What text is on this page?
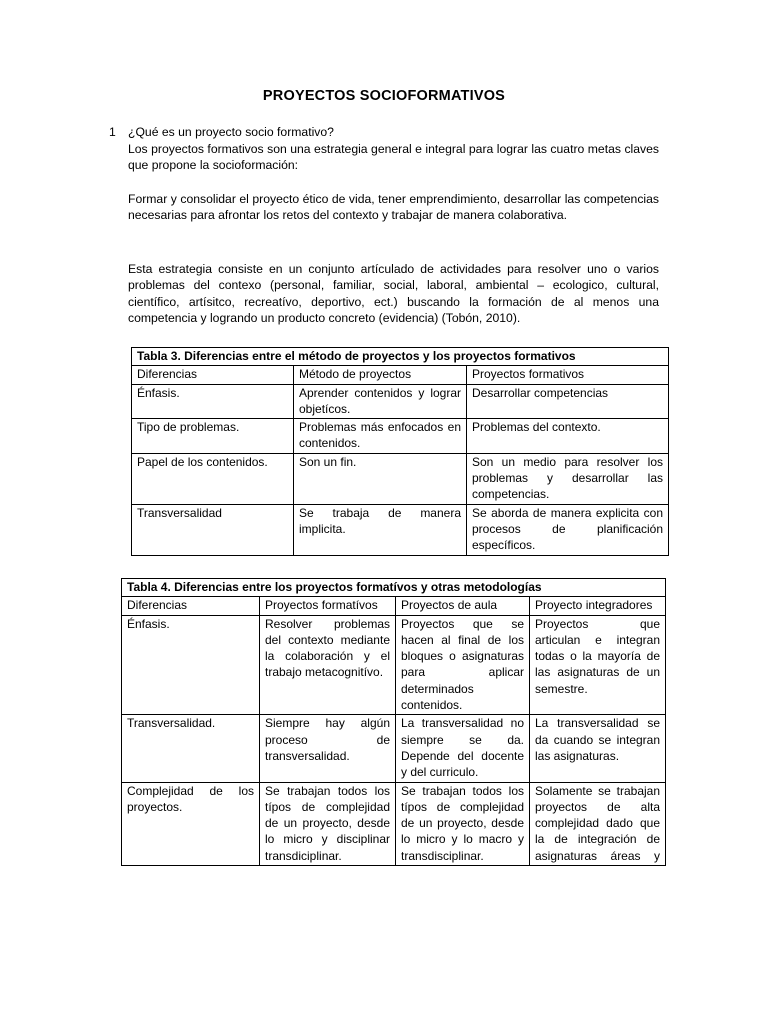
PROYECTOS SOCIOFORMATIVOS
1 ¿Qué es un proyecto socio formativo?

Los proyectos formativos son una estrategia general e integral para lograr las cuatro metas claves que propone la socioformación:

Formar y consolidar el proyecto ético de vida, tener emprendimiento, desarrollar las competencias necesarias para afrontar los retos del contexto y trabajar de manera colaborativa.

Esta estrategia consiste en un conjunto artículado de actividades para resolver uno o varios problemas del contexo (personal, familiar, social, laboral, ambiental – ecologico, cultural, científico, artísitco, recreatívo, deportivo, ect.) buscando la formación de al menos una competencia y logrando un producto concreto (evidencia) (Tobón, 2010).

Tabla 3. Diferencias entre el método de proyectos y los proyectos formativos		
Diferencias	Método de proyectos	Proyectos formativos
Énfasis.	Aprender contenidos y lograr objetícos.	Desarrollar competencias
Tipo de problemas.	Problemas más enfocados en contenidos.	Problemas del contexto.
Papel de los contenidos.	Son un fin.	Son un medio para resolver los problemas y desarrollar las competencias.
Transversalidad	Se trabaja de manera implicita.	Se aborda de manera explicita con procesos de planificación específicos.
Tabla 4. Diferencias entre los proyectos formatívos y otras metodologías			
Diferencias	Proyectos formatívos	Proyectos de aula	Proyecto integradores
Énfasis.	Resolver problemas del contexto mediante la colaboración y el trabajo metacognitívo.	Proyectos que se hacen al final de los bloques o asignaturas para aplicar determinados contenidos.	Proyectos que articulan e integran todas o la mayoría de las asignaturas de un semestre.
Transversalidad.	Siempre hay algún proceso de transversalidad.	La transversalidad no siempre se da. Depende del docente y del curriculo.	La transversalidad se da cuando se integran las asignaturas.
Complejidad de los proyectos.	Se trabajan todos los típos de complejidad de un proyecto, desde lo micro y disciplinar transdiciplinar.	Se trabajan todos los típos de complejidad de un proyecto, desde lo micro y lo macro y transdisciplinar.	Solamente se trabajan proyectos de alta complejidad dado que la de integración de asignaturas áreas y
